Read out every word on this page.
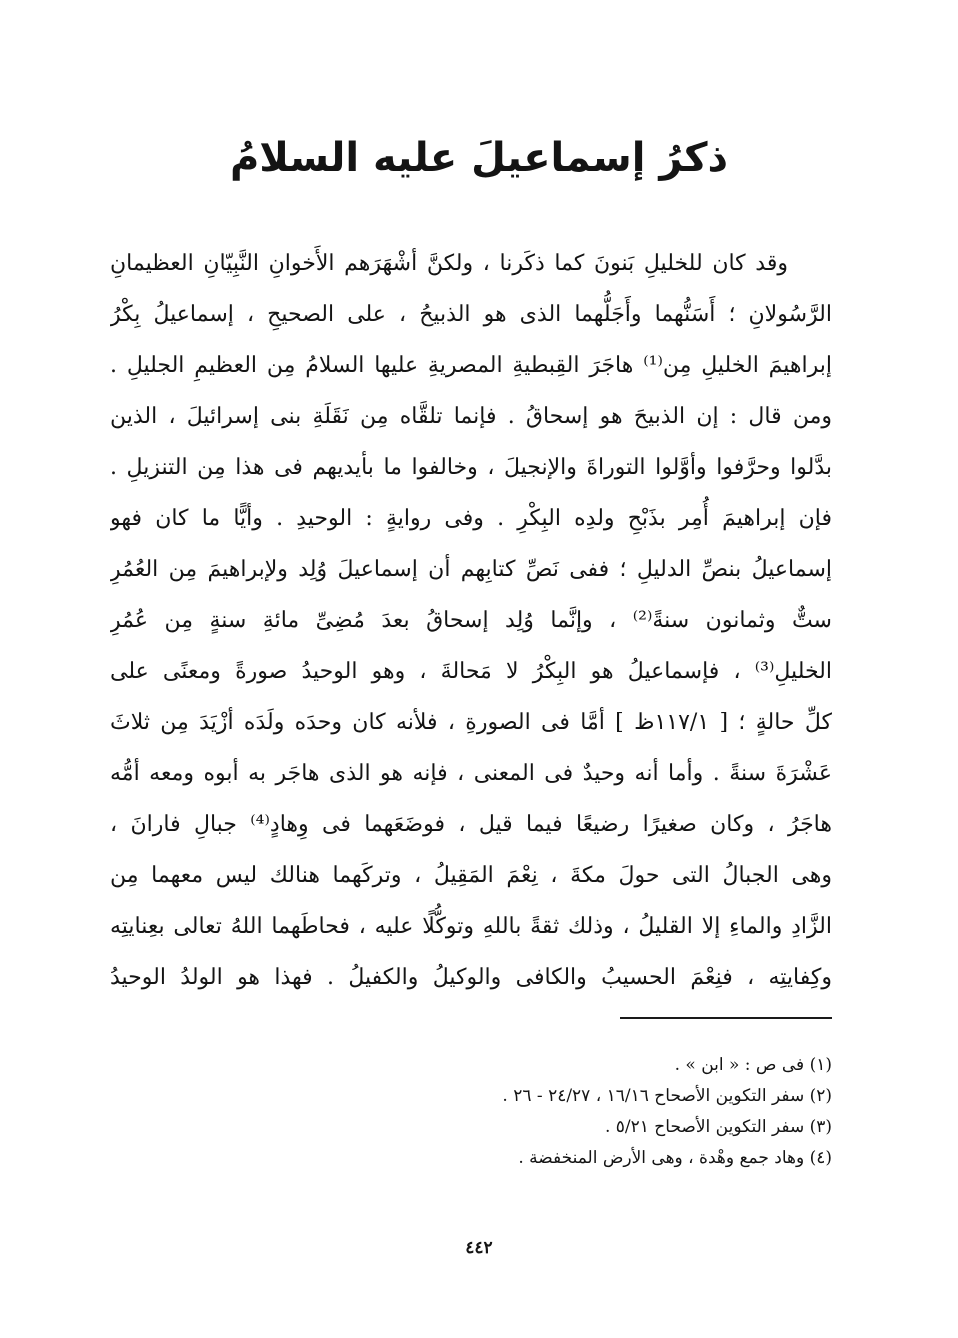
ذكرُ إسماعيلَ عليه السلامُ
وقد كان للخليلِ بَنونَ كما ذكَرنا ، ولكنَّ أشْهَرَهم الأَخوانِ النَّبِيّانِ العظيمانِ
الرَّسُولانِ ؛ أَسَنُّهما وأَجَلُّهما الذى هو الذبيحُ ، على الصحيحِ ، إسماعيلُ بِكْرُ
إبراهيمَ الخليلِ مِن⁽¹⁾ هاجَرَ القِبطيةِ المصريةِ عليها السلامُ مِن العظيمِ الجليلِ .
ومن قال : إن الذبيحَ هو إسحاقُ . فإنما تلقَّاه مِن نَقَلَةِ بنى إسرائيلَ ، الذين
بدَّلوا وحرَّفوا وأوَّلوا التوراةَ والإنجيلَ ، وخالفوا ما بأيديهم فى هذا مِن التنزيلِ .
فإن إبراهيمَ أُمِر بذَبْحِ ولدِه البِكْرِ . وفى روايةٍ : الوحيدِ . وأيًّا ما كان فهو
إسماعيلُ بنصِّ الدليلِ ؛ ففى نَصِّ كتابِهم أن إسماعيلَ وُلِد ولإبراهيمَ مِن العُمُرِ
ستٌّ وثمانون سنةً⁽²⁾ ، وإنَّما وُلِد إسحاقُ بعدَ مُضِىِّ مائةِ سنةٍ مِن عُمُرِ
الخليلِ⁽³⁾ ، فإسماعيلُ هو البِكْرُ لا مَحالةَ ، وهو الوحيدُ صورةً ومعنًى على
كلِّ حالةٍ ؛ [ ١١٧/١ظ ] أمَّا فى الصورةِ ، فلأنه كان وحدَه ولَدَه أزْيَدَ مِن ثلاثَ
عَشْرَةَ سنةً . وأما أنه وحيدٌ فى المعنى ، فإنه هو الذى هاجَر به أبوه ومعه أمُّه
هاجَرُ ، وكان صغيرًا رضيعًا فيما قيل ، فوضَعَهما فى وِهادٍ⁽⁴⁾ جبالِ فارانَ ،
وهى الجبالُ التى حولَ مكةَ ، نِعْمَ المَقِيلُ ، وتركَهما هنالك ليس معهما مِن
الزَّادِ والماءِ إلا القليلُ ، وذلك ثقةً باللهِ وتوكُّلًا عليه ، فحاطَهما اللهُ تعالى بعِنايتِه
وكِفايتِه ، فنِعْمَ الحسيبُ والكافى والوكيلُ والكفيلُ . فهذا هو الولدُ الوحيدُ
(١) فى ص : « ابن » .
(٢) سفر التكوين الأصحاح ١٦/١٦ ، ٢٤/٢٧ - ٢٦ .
(٣) سفر التكوين الأصحاح ٥/٢١ .
(٤) وهاد جمع وهْدة ، وهى الأرض المنخفضة .
٤٤٢
